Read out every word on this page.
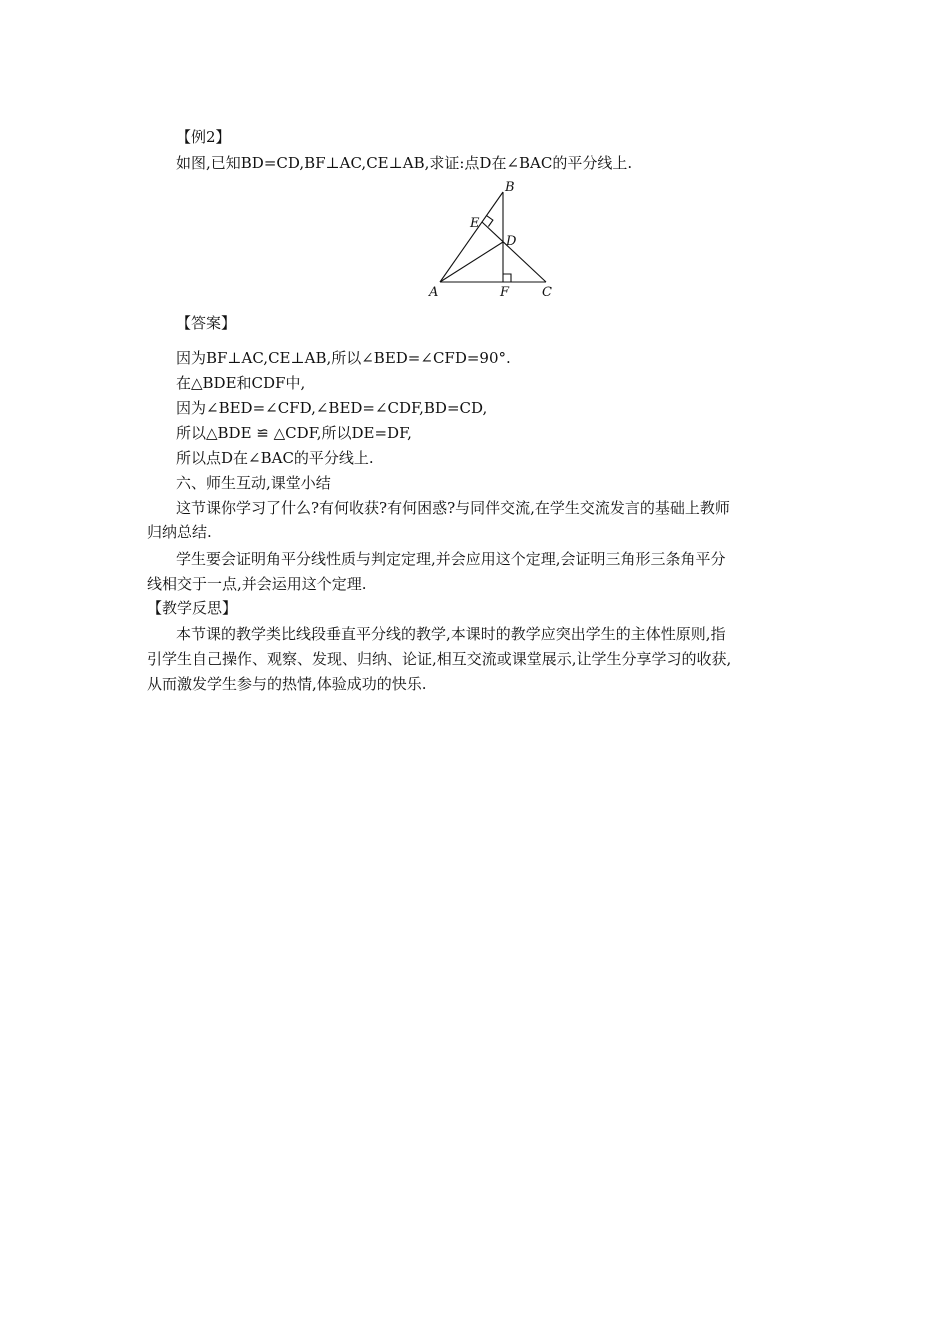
【例2】
如图,已知BD=CD,BF⊥AC,CE⊥AB,求证:点D在∠BAC的平分线上.
B
E
D
A	F	C
【答案】
因为BF⊥AC,CE⊥AB,所以∠BED=∠CFD=90°.
在△BDE和CDF中,
因为∠BED=∠CFD,∠BED=∠CDF,BD=CD,
所以△BDE ≌ △CDF,所以DE=DF,
所以点D在∠BAC的平分线上.
六、师生互动,课堂小结
这节课你学习了什么?有何收获?有何困惑?与同伴交流,在学生交流发言的基础上教师
归纳总结.
学生要会证明角平分线性质与判定定理,并会应用这个定理,会证明三角形三条角平分
线相交于一点,并会运用这个定理.
【教学反思】
本节课的教学类比线段垂直平分线的教学,本课时的教学应突出学生的主体性原则,指
引学生自己操作、观察、发现、归纳、论证,相互交流或课堂展示,让学生分享学习的收获,
从而激发学生参与的热情,体验成功的快乐.
